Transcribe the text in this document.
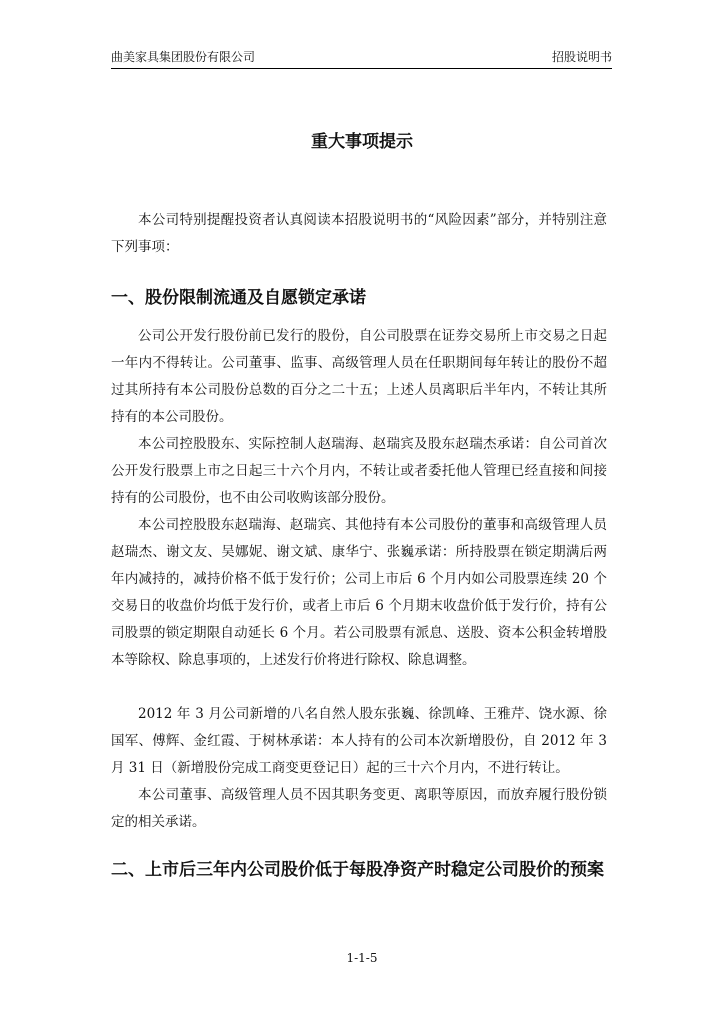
曲美家具集团股份有限公司	招股说明书
重大事项提示

本公司特别提醒投资者认真阅读本招股说明书的“风险因素”部分，并特别注意下列事项：

一、股份限制流通及自愿锁定承诺

公司公开发行股份前已发行的股份，自公司股票在证券交易所上市交易之日起一年内不得转让。公司董事、监事、高级管理人员在任职期间每年转让的股份不超过其所持有本公司股份总数的百分之二十五；上述人员离职后半年内，不转让其所持有的本公司股份。

本公司控股股东、实际控制人赵瑞海、赵瑞宾及股东赵瑞杰承诺：自公司首次公开发行股票上市之日起三十六个月内，不转让或者委托他人管理已经直接和间接持有的公司股份，也不由公司收购该部分股份。

本公司控股股东赵瑞海、赵瑞宾、其他持有本公司股份的董事和高级管理人员赵瑞杰、谢文友、吴娜妮、谢文斌、康华宁、张巍承诺：所持股票在锁定期满后两年内减持的，减持价格不低于发行价；公司上市后 6 个月内如公司股票连续 20 个交易日的收盘价均低于发行价，或者上市后 6 个月期末收盘价低于发行价，持有公司股票的锁定期限自动延长 6 个月。若公司股票有派息、送股、资本公积金转增股本等除权、除息事项的，上述发行价将进行除权、除息调整。

2012 年 3 月公司新增的八名自然人股东张巍、徐凯峰、王雅芹、饶水源、徐国军、傅辉、金红霞、于树林承诺：本人持有的公司本次新增股份，自 2012 年 3 月 31 日（新增股份完成工商变更登记日）起的三十六个月内，不进行转让。

本公司董事、高级管理人员不因其职务变更、离职等原因，而放弃履行股份锁定的相关承诺。

二、上市后三年内公司股价低于每股净资产时稳定公司股价的预案
1-1-5
